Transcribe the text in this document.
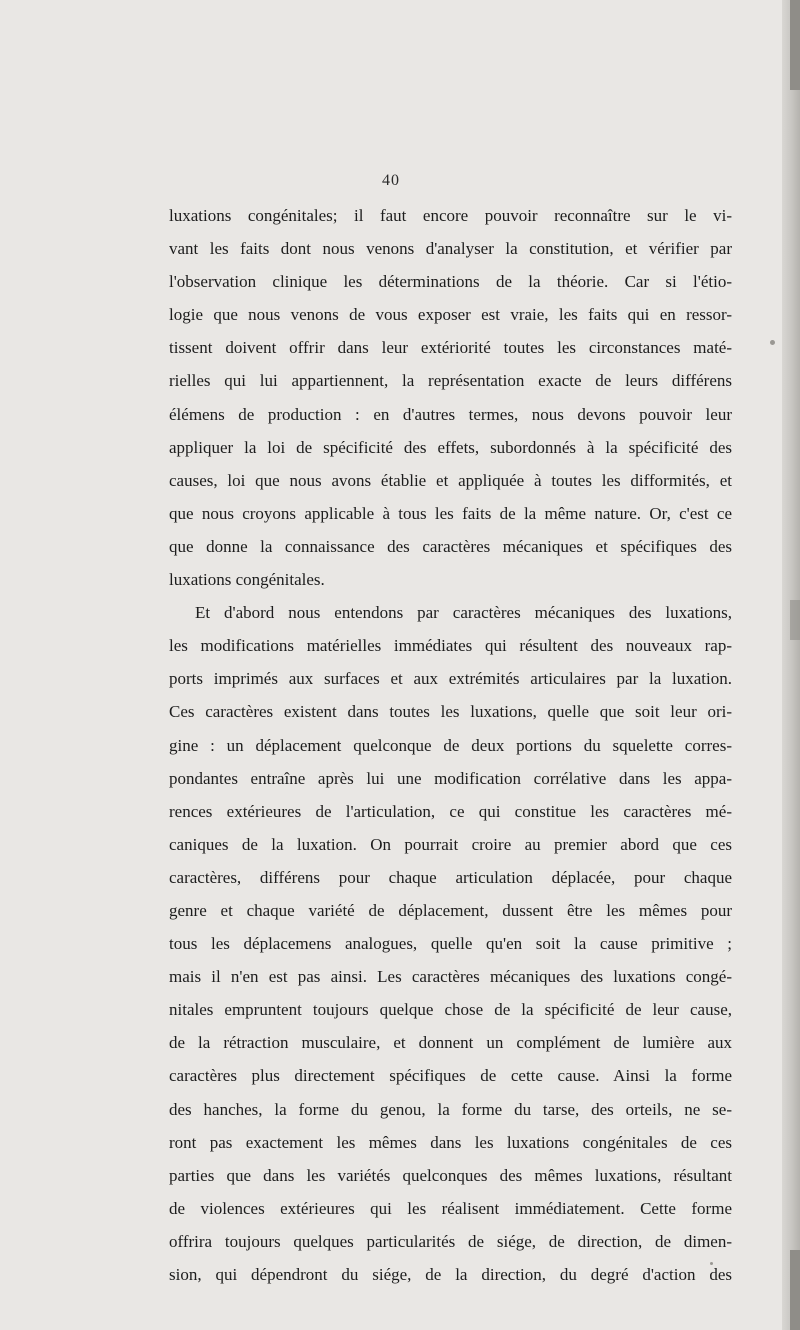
40
luxations congénitales; il faut encore pouvoir reconnaître sur le vi-
vant les faits dont nous venons d'analyser la constitution, et vérifier par
l'observation clinique les déterminations de la théorie. Car si l'étio-
logie que nous venons de vous exposer est vraie, les faits qui en ressor-
tissent doivent offrir dans leur extériorité toutes les circonstances maté-
rielles qui lui appartiennent, la représentation exacte de leurs différens
élémens de production : en d'autres termes, nous devons pouvoir leur
appliquer la loi de spécificité des effets, subordonnés à la spécificité des
causes, loi que nous avons établie et appliquée à toutes les difformités, et
que nous croyons applicable à tous les faits de la même nature. Or, c'est ce
que donne la connaissance des caractères mécaniques et spécifiques des
luxations congénitales.
Et d'abord nous entendons par caractères mécaniques des luxations,
les modifications matérielles immédiates qui résultent des nouveaux rap-
ports imprimés aux surfaces et aux extrémités articulaires par la luxation.
Ces caractères existent dans toutes les luxations, quelle que soit leur ori-
gine : un déplacement quelconque de deux portions du squelette corres-
pondantes entraîne après lui une modification corrélative dans les appa-
rences extérieures de l'articulation, ce qui constitue les caractères mé-
caniques de la luxation. On pourrait croire au premier abord que ces
caractères, différens pour chaque articulation déplacée, pour chaque
genre et chaque variété de déplacement, dussent être les mêmes pour
tous les déplacemens analogues, quelle qu'en soit la cause primitive ;
mais il n'en est pas ainsi. Les caractères mécaniques des luxations congé-
nitales empruntent toujours quelque chose de la spécificité de leur cause,
de la rétraction musculaire, et donnent un complément de lumière aux
caractères plus directement spécifiques de cette cause. Ainsi la forme
des hanches, la forme du genou, la forme du tarse, des orteils, ne se-
ront pas exactement les mêmes dans les luxations congénitales de ces
parties que dans les variétés quelconques des mêmes luxations, résultant
de violences extérieures qui les réalisent immédiatement. Cette forme
offrira toujours quelques particularités de siége, de direction, de dimen-
sion, qui dépendront du siége, de la direction, du degré d'action des
